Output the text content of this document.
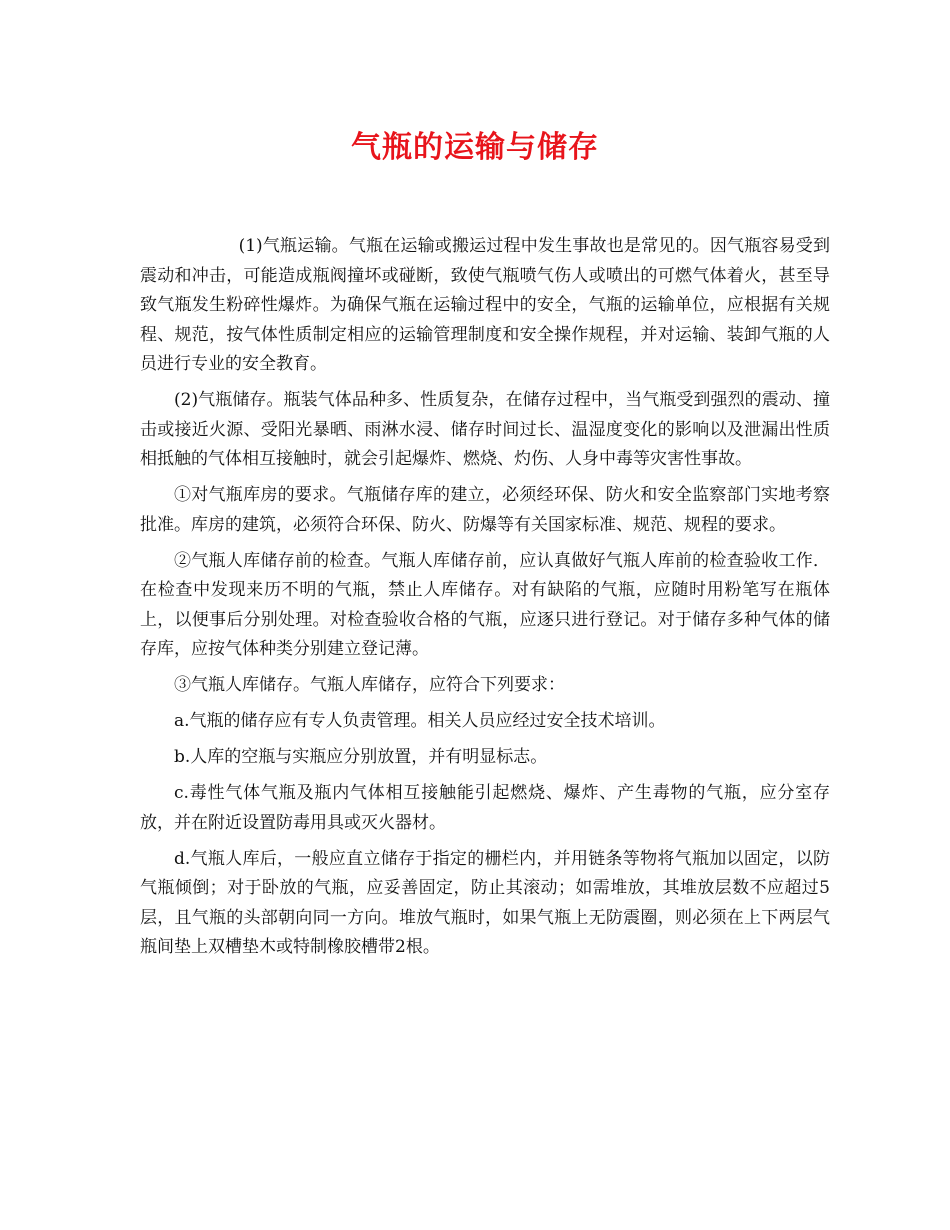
气瓶的运输与储存

(1)气瓶运输。气瓶在运输或搬运过程中发生事故也是常见的。因气瓶容易受到震动和冲击，可能造成瓶阀撞坏或碰断，致使气瓶喷气伤人或喷出的可燃气体着火，甚至导致气瓶发生粉碎性爆炸。为确保气瓶在运输过程中的安全，气瓶的运输单位，应根据有关规程、规范，按气体性质制定相应的运输管理制度和安全操作规程，并对运输、装卸气瓶的人员进行专业的安全教育。

(2)气瓶储存。瓶装气体品种多、性质复杂，在储存过程中，当气瓶受到强烈的震动、撞击或接近火源、受阳光暴晒、雨淋水浸、储存时间过长、温湿度变化的影响以及泄漏出性质相抵触的气体相互接触时，就会引起爆炸、燃烧、灼伤、人身中毒等灾害性事故。

①对气瓶库房的要求。气瓶储存库的建立，必须经环保、防火和安全监察部门实地考察批准。库房的建筑，必须符合环保、防火、防爆等有关国家标准、规范、规程的要求。

②气瓶人库储存前的检查。气瓶人库储存前，应认真做好气瓶人库前的检查验收工作．在检查中发现来历不明的气瓶，禁止人库储存。对有缺陷的气瓶，应随时用粉笔写在瓶体上，以便事后分别处理。对检查验收合格的气瓶，应逐只进行登记。对于储存多种气体的储存库，应按气体种类分别建立登记薄。

③气瓶人库储存。气瓶人库储存，应符合下列要求：

a.气瓶的储存应有专人负责管理。相关人员应经过安全技术培训。

b.人库的空瓶与实瓶应分别放置，并有明显标志。

c.毒性气体气瓶及瓶内气体相互接触能引起燃烧、爆炸、产生毒物的气瓶，应分室存放，并在附近设置防毒用具或灭火器材。

d.气瓶人库后，一般应直立储存于指定的栅栏内，并用链条等物将气瓶加以固定，以防气瓶倾倒；对于卧放的气瓶，应妥善固定，防止其滚动；如需堆放，其堆放层数不应超过5层，且气瓶的头部朝向同一方向。堆放气瓶时，如果气瓶上无防震圈，则必须在上下两层气瓶间垫上双槽垫木或特制橡胶槽带2根。
